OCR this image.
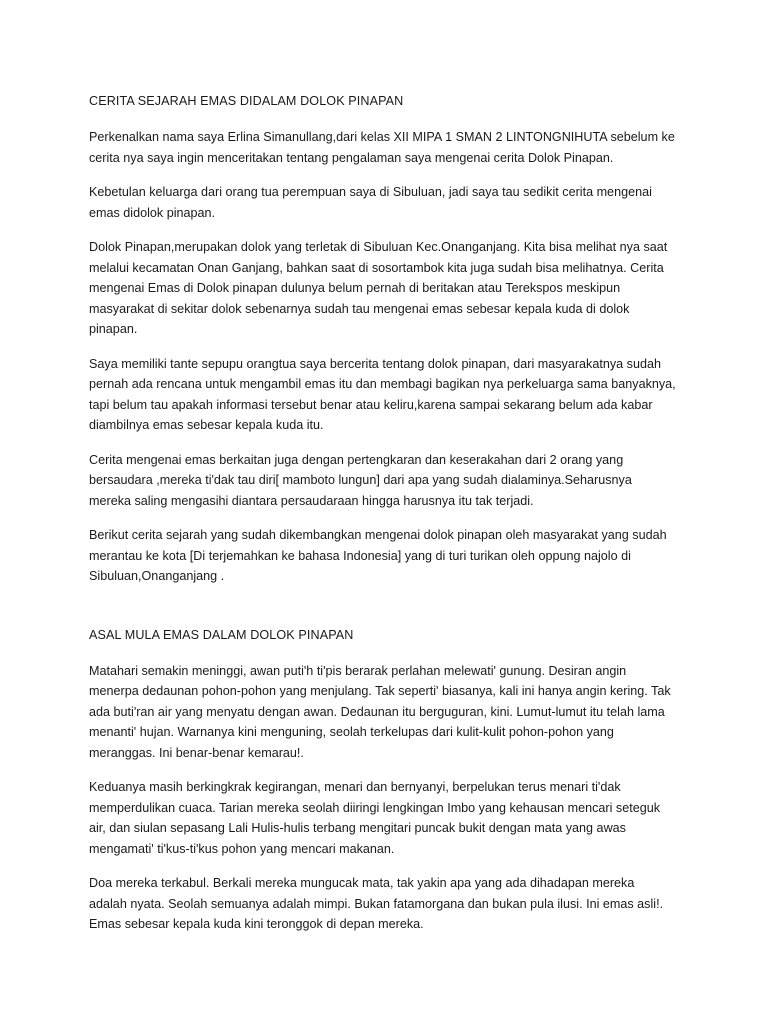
CERITA SEJARAH EMAS DIDALAM DOLOK PINAPAN
Perkenalkan nama saya Erlina Simanullang,dari kelas XII MIPA 1 SMAN 2 LINTONGNIHUTA sebelum ke
cerita nya saya ingin menceritakan tentang pengalaman saya mengenai cerita Dolok Pinapan.
Kebetulan keluarga dari orang tua perempuan saya di Sibuluan, jadi saya tau sedikit cerita mengenai
emas didolok pinapan.
Dolok Pinapan,merupakan dolok yang terletak di Sibuluan Kec.Onanganjang. Kita bisa melihat nya saat
melalui kecamatan Onan Ganjang, bahkan saat di sosortambok kita juga sudah bisa melihatnya. Cerita
mengenai Emas di Dolok pinapan dulunya belum pernah di beritakan atau Terekspos meskipun
masyarakat di sekitar dolok sebenarnya sudah tau mengenai emas sebesar kepala kuda di dolok
pinapan.
Saya memiliki tante sepupu orangtua saya bercerita tentang dolok pinapan, dari masyarakatnya sudah
pernah ada rencana untuk mengambil emas itu dan membagi bagikan nya perkeluarga sama banyaknya,
tapi belum tau apakah informasi tersebut benar atau keliru,karena sampai sekarang belum ada kabar
diambilnya emas sebesar kepala kuda itu.
Cerita mengenai emas berkaitan juga dengan pertengkaran dan keserakahan dari 2 orang yang
bersaudara ,mereka ti'dak tau diri[ mamboto lungun] dari apa yang sudah dialaminya.Seharusnya
mereka saling mengasihi diantara persaudaraan hingga harusnya itu tak terjadi.
Berikut cerita sejarah yang sudah dikembangkan mengenai dolok pinapan oleh masyarakat yang sudah
merantau ke kota [Di terjemahkan ke bahasa Indonesia] yang di turi turikan oleh oppung najolo di
Sibuluan,Onanganjang .
ASAL MULA EMAS DALAM DOLOK PINAPAN
Matahari semakin meninggi, awan puti'h ti'pis berarak perlahan melewati' gunung. Desiran angin
menerpa dedaunan pohon-pohon yang menjulang. Tak seperti' biasanya, kali ini hanya angin kering. Tak
ada buti'ran air yang menyatu dengan awan. Dedaunan itu berguguran, kini. Lumut-lumut itu telah lama
menanti' hujan. Warnanya kini menguning, seolah terkelupas dari kulit-kulit pohon-pohon yang
meranggas. Ini benar-benar kemarau!.
Keduanya masih berkingkrak kegirangan, menari dan bernyanyi, berpelukan terus menari ti'dak
memperdulikan cuaca. Tarian mereka seolah diiringi lengkingan Imbo yang kehausan mencari seteguk
air, dan siulan sepasang Lali Hulis-hulis terbang mengitari puncak bukit dengan mata yang awas
mengamati' ti'kus-ti'kus pohon yang mencari makanan.
Doa mereka terkabul. Berkali mereka mungucak mata, tak yakin apa yang ada dihadapan mereka
adalah nyata. Seolah semuanya adalah mimpi. Bukan fatamorgana dan bukan pula ilusi. Ini emas asli!.
Emas sebesar kepala kuda kini teronggok di depan mereka.
